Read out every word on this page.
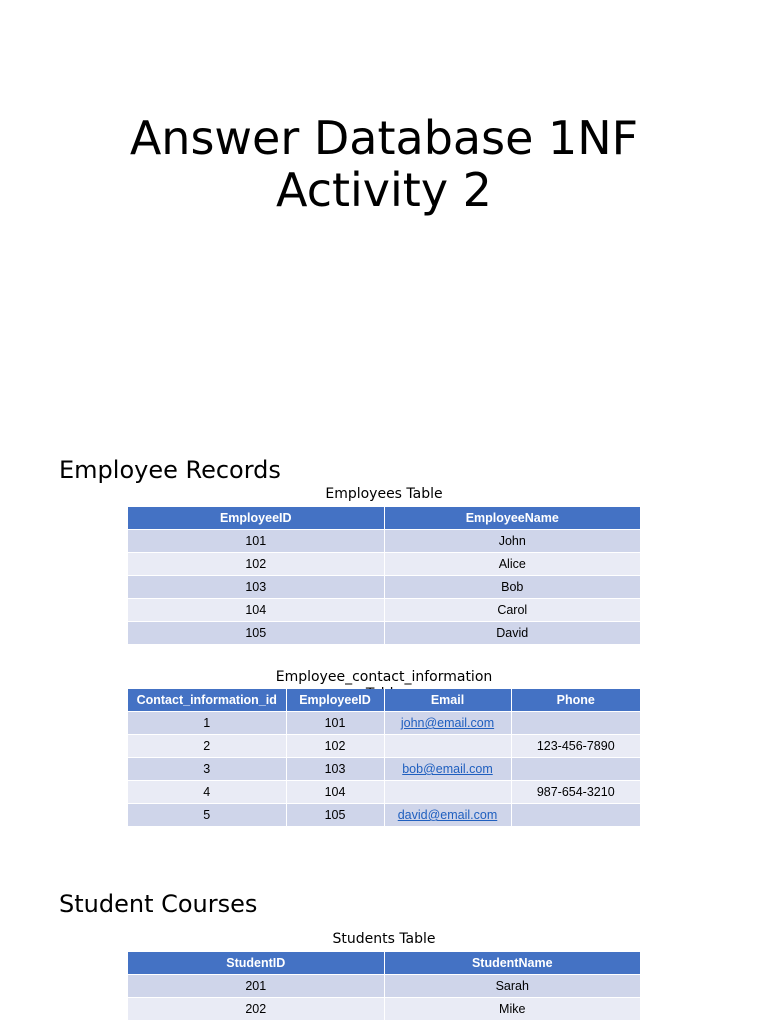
Answer Database 1NF
Activity 2
Employee Records
Employees Table
EmployeeID	EmployeeName
101	John
102	Alice
103	Bob
104	Carol
105	David
Employee_contact_information
Contact_information_id	EmployeeID	Email	Phone
1	101	john@email.com	
2	102		123-456-7890
3	103	bob@email.com	
4	104		987-654-3210
5	105	david@email.com	
Student Courses
Students Table
StudentID	StudentName
201	Sarah
202	Mike
